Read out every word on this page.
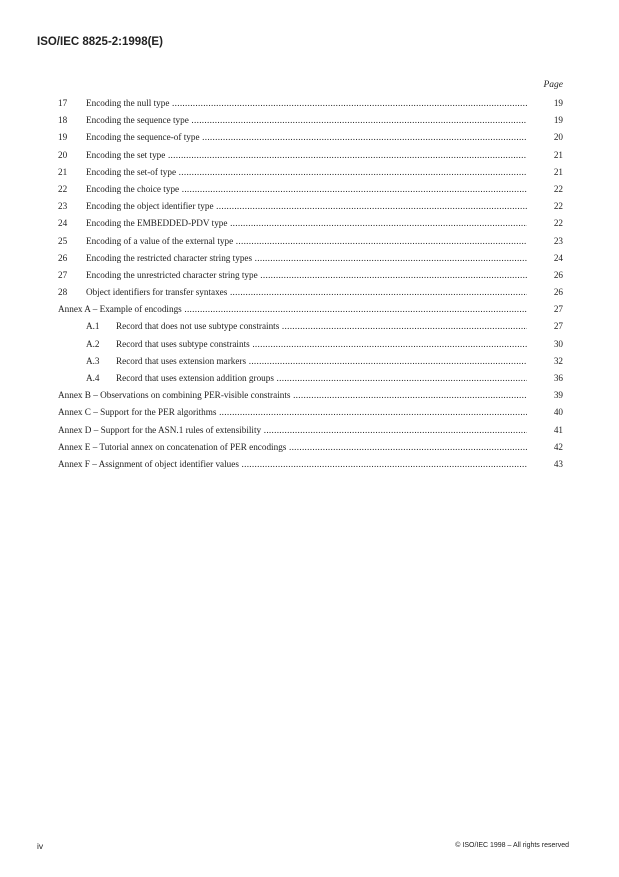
ISO/IEC 8825-2:1998(E)
Page
17 Encoding the null type .....	19
18 Encoding the sequence type .....	19
19 Encoding the sequence-of type .....	20
20 Encoding the set type .....	21
21 Encoding the set-of type .....	21
22 Encoding the choice type .....	22
23 Encoding the object identifier type .....	22
24 Encoding the EMBEDDED-PDV type .....	22
25 Encoding of a value of the external type .....	23
26 Encoding the restricted character string types .....	24
27 Encoding the unrestricted character string type .....	26
28 Object identifiers for transfer syntaxes .....	26
Annex A – Example of encodings .....	27
A.1 Record that does not use subtype constraints .....	27
A.2 Record that uses subtype constraints .....	30
A.3 Record that uses extension markers .....	32
A.4 Record that uses extension addition groups .....	36
Annex B – Observations on combining PER-visible constraints .....	39
Annex C – Support for the PER algorithms .....	40
Annex D – Support for the ASN.1 rules of extensibility .....	41
Annex E – Tutorial annex on concatenation of PER encodings .....	42
Annex F – Assignment of object identifier values .....	43
iv	© ISO/IEC 1998 – All rights reserved
